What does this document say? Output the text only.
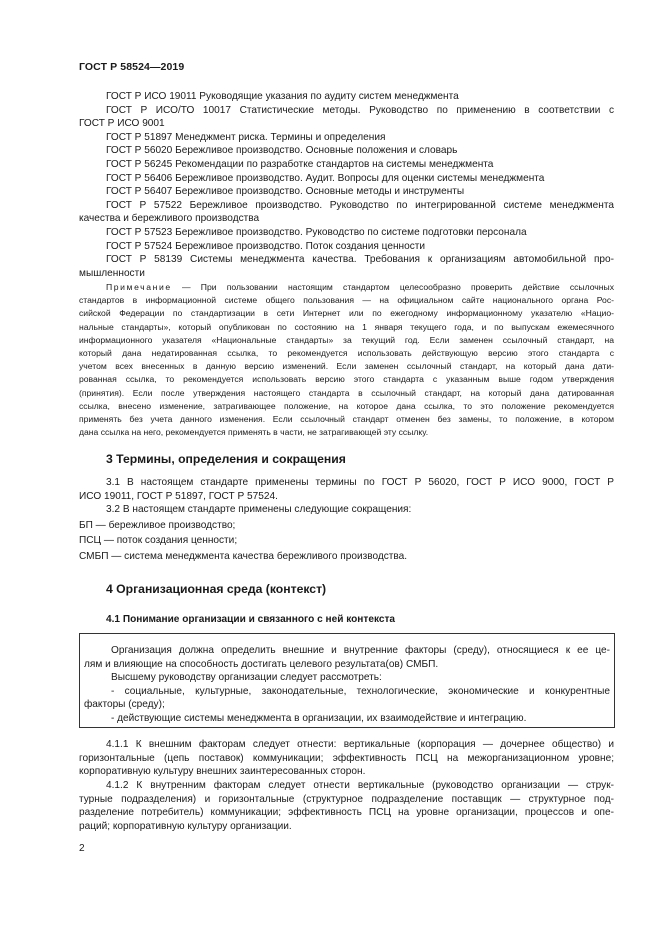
ГОСТ Р 58524—2019
ГОСТ Р ИСО 19011 Руководящие указания по аудиту систем менеджмента
ГОСТ Р ИСО/ТО 10017 Статистические методы. Руководство по применению в соответствии с
ГОСТ Р ИСО 9001
ГОСТ Р 51897 Менеджмент риска. Термины и определения
ГОСТ Р 56020 Бережливое производство. Основные положения и словарь
ГОСТ Р 56245 Рекомендации по разработке стандартов на системы менеджмента
ГОСТ Р 56406 Бережливое производство. Аудит. Вопросы для оценки системы менеджмента
ГОСТ Р 56407 Бережливое производство. Основные методы и инструменты
ГОСТ Р 57522 Бережливое производство. Руководство по интегрированной системе менеджмента
качества и бережливого производства
ГОСТ Р 57523 Бережливое производство. Руководство по системе подготовки персонала
ГОСТ Р 57524 Бережливое производство. Поток создания ценности
ГОСТ Р 58139 Системы менеджмента качества. Требования к организациям автомобильной про-
мышленности
Примечание — При пользовании настоящим стандартом целесообразно проверить действие ссылочных
стандартов в информационной системе общего пользования — на официальном сайте национального органа Рос-
сийской Федерации по стандартизации в сети Интернет или по ежегодному информационному указателю «Нацио-
нальные стандарты», который опубликован по состоянию на 1 января текущего года, и по выпускам ежемесячного
информационного указателя «Национальные стандарты» за текущий год. Если заменен ссылочный стандарт, на
который дана недатированная ссылка, то рекомендуется использовать действующую версию этого стандарта с
учетом всех внесенных в данную версию изменений. Если заменен ссылочный стандарт, на который дана дати-
рованная ссылка, то рекомендуется использовать версию этого стандарта с указанным выше годом утверждения
(принятия). Если после утверждения настоящего стандарта в ссылочный стандарт, на который дана датированная
ссылка, внесено изменение, затрагивающее положение, на которое дана ссылка, то это положение рекомендуется
применять без учета данного изменения. Если ссылочный стандарт отменен без замены, то положение, в котором
дана ссылка на него, рекомендуется применять в части, не затрагивающей эту ссылку.
3 Термины, определения и сокращения
3.1 В настоящем стандарте применены термины по ГОСТ Р 56020, ГОСТ Р ИСО 9000, ГОСТ Р
ИСО 19011, ГОСТ Р 51897, ГОСТ Р 57524.
3.2 В настоящем стандарте применены следующие сокращения:
БП — бережливое производство;
ПСЦ — поток создания ценности;
СМБП — система менеджмента качества бережливого производства.
4 Организационная среда (контекст)
4.1 Понимание организации и связанного с ней контекста
Организация должна определить внешние и внутренние факторы (среду), относящиеся к ее це-
лям и влияющие на способность достигать целевого результата(ов) СМБП.
Высшему руководству организации следует рассмотреть:
- социальные, культурные, законодательные, технологические, экономические и конкурентные
факторы (среду);
- действующие системы менеджмента в организации, их взаимодействие и интеграцию.
4.1.1 К внешним факторам следует отнести: вертикальные (корпорация — дочернее общество) и
горизонтальные (цепь поставок) коммуникации; эффективность ПСЦ на межорганизационном уровне;
корпоративную культуру внешних заинтересованных сторон.
4.1.2 К внутренним факторам следует отнести вертикальные (руководство организации — струк-
турные подразделения) и горизонтальные (структурное подразделение поставщик — структурное под-
разделение потребитель) коммуникации; эффективность ПСЦ на уровне организации, процессов и опе-
раций; корпоративную культуру организации.
2
